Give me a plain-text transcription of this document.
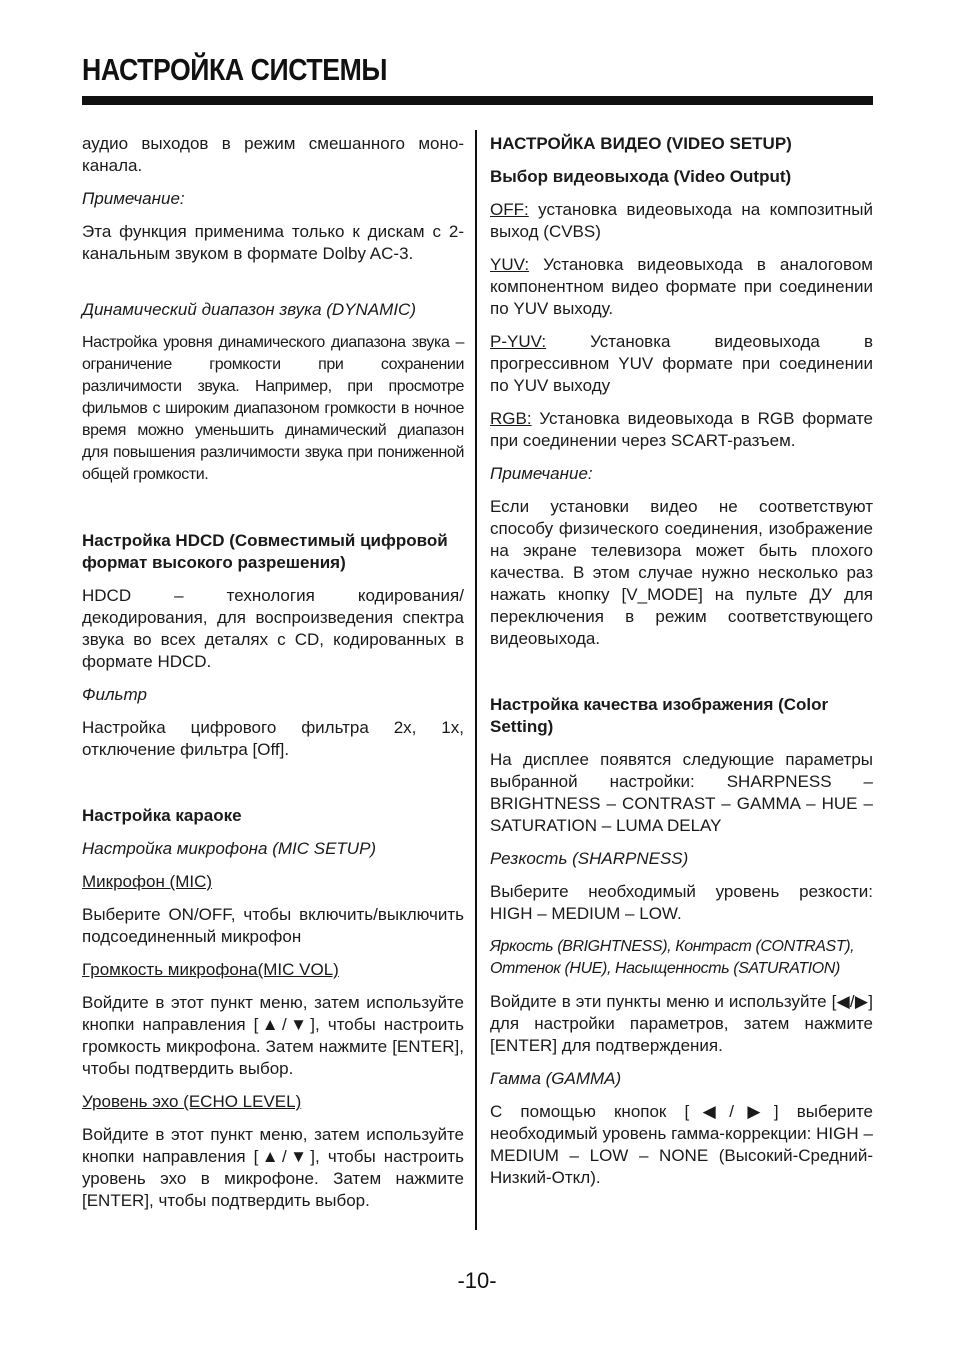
НАСТРОЙКА СИСТЕМЫ

аудио выходов в режим смешанного моно-канала.

Примечание:

Эта функция применима только к дискам с 2-канальным звуком в формате Dolby AC-3.

Динамический диапазон звука (DYNAMIC)

Настройка уровня динамического диапазона звука – ограничение громкости при сохранении различимости звука. Например, при просмотре фильмов с широким диапазоном громкости в ночное время можно уменьшить динамический диапазон для повышения различимости звука при пониженной общей громкости.

Настройка HDCD (Совместимый цифровой формат высокого разрешения)

HDCD – технология кодирования/декодирования, для воспроизведения спектра звука во всех деталях с CD, кодированных в формате HDCD.

Фильтр

Настройка цифрового фильтра 2x, 1x, отключение фильтра [Off].

Настройка караоке

Настройка микрофона (MIC SETUP)

Микрофон (MIC)

Выберите ON/OFF, чтобы включить/выключить подсоединенный микрофон

Громкость микрофона(MIC VOL)

Войдите в этот пункт меню, затем используйте кнопки направления [▲/▼], чтобы настроить громкость микрофона. Затем нажмите [ENTER], чтобы подтвердить выбор.

Уровень эхо (ECHO LEVEL)

Войдите в этот пункт меню, затем используйте кнопки направления [▲/▼], чтобы настроить уровень эхо в микрофоне. Затем нажмите [ENTER], чтобы подтвердить выбор.

НАСТРОЙКА ВИДЕО (VIDEO SETUP)

Выбор видеовыхода (Video Output)

OFF: установка видеовыхода на композитный выход (CVBS)

YUV: Установка видеовыхода в аналоговом компонентном видео формате при соединении по YUV выходу.

P-YUV: Установка видеовыхода в прогрессивном YUV формате при соединении по YUV выходу

RGB: Установка видеовыхода в RGB формате при соединении через SCART-разъем.

Примечание:

Если установки видео не соответствуют способу физического соединения, изображение на экране телевизора может быть плохого качества. В этом случае нужно несколько раз нажать кнопку [V_MODE] на пульте ДУ для переключения в режим соответствующего видеовыхода.

Настройка качества изображения (Color Setting)

На дисплее появятся следующие параметры выбранной настройки: SHARPNESS – BRIGHTNESS – CONTRAST – GAMMA – HUE – SATURATION – LUMA DELAY

Резкость (SHARPNESS)

Выберите необходимый уровень резкости: HIGH – MEDIUM – LOW.

Яркость (BRIGHTNESS), Контраст (CONTRAST), Оттенок (HUE), Насыщенность (SATURATION)

Войдите в эти пункты меню и используйте [◀/▶] для настройки параметров, затем нажмите [ENTER] для подтверждения.

Гамма (GAMMA)

С помощью кнопок [◀/▶] выберите необходимый уровень гамма-коррекции: HIGH – MEDIUM – LOW – NONE (Высокий-Средний-Низкий-Откл).

-10-
